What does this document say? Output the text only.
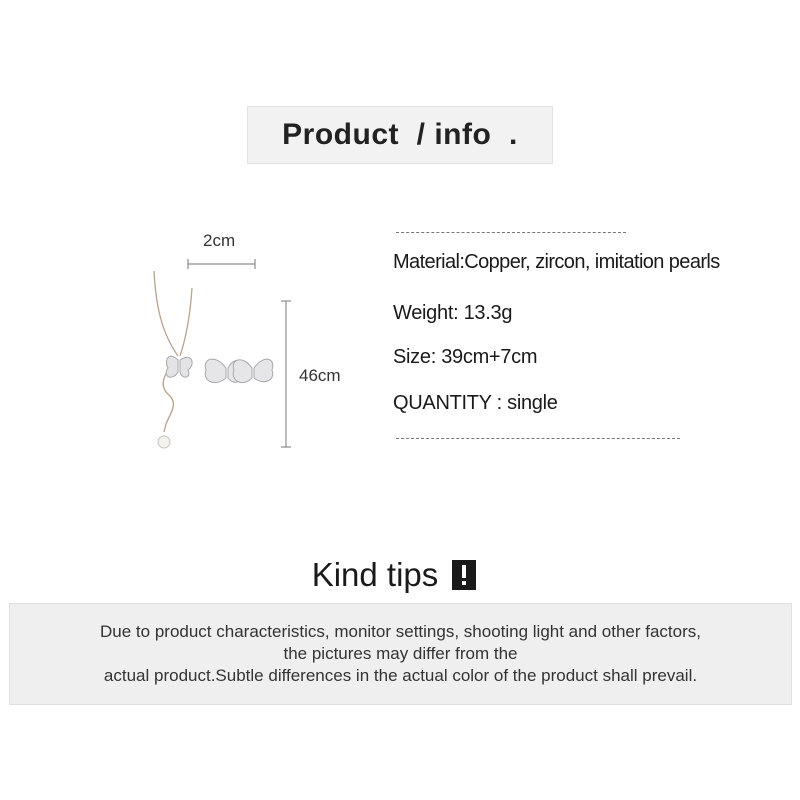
Product  / info  .
2cm
46cm
Material:Copper, zircon, imitation pearls
Weight: 13.3g
Size: 39cm+7cm
QUANTITY : single
Kind tips
Due to product characteristics, monitor settings, shooting light and other factors,
the pictures may differ from the
actual product.Subtle differences in the actual color of the product shall prevail.
